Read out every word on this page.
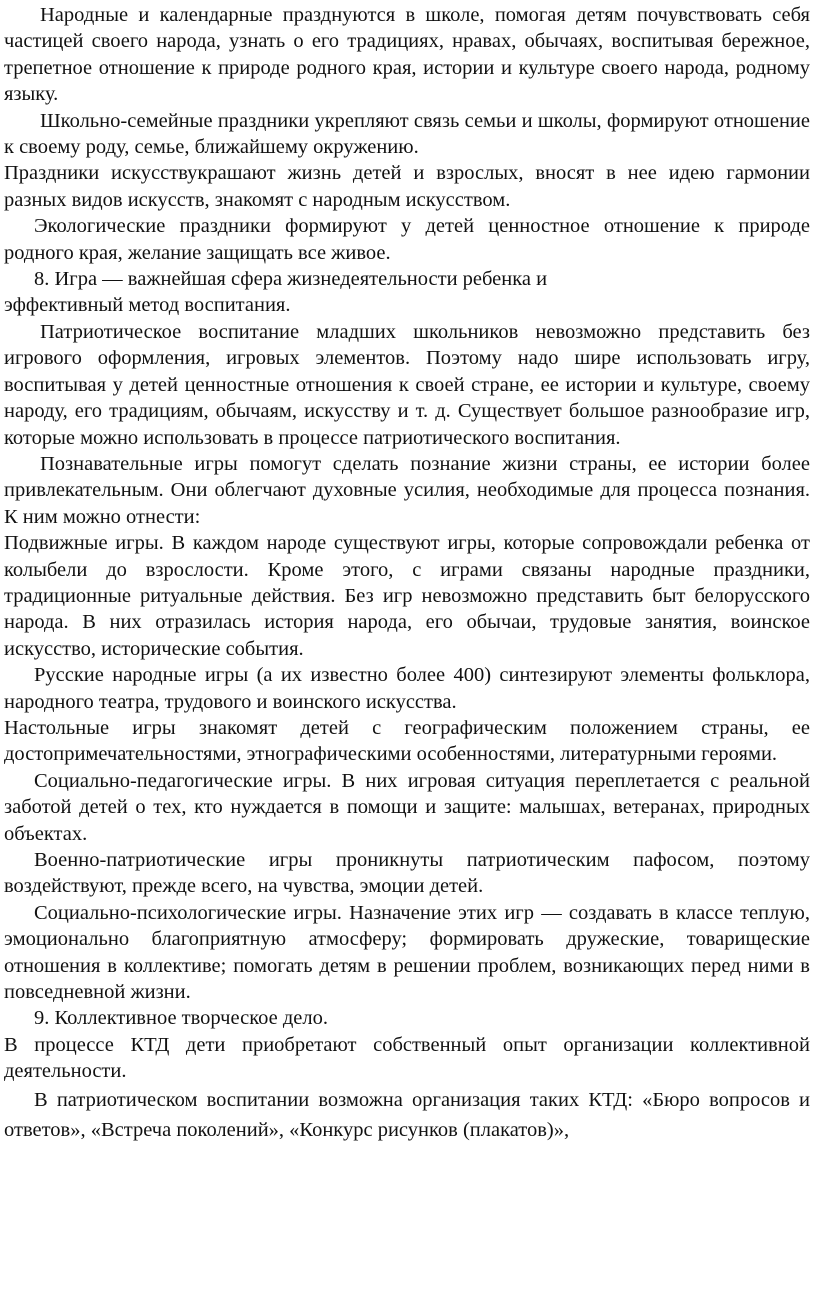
Народные и календарные празднуются в школе, помогая детям почувствовать себя частицей своего народа, узнать о его традициях, нравах, обычаях, воспитывая бережное, трепетное отношение к природе родного края, истории и культуре своего народа, родному языку.

Школьно-семейные праздники укрепляют связь семьи и школы, формируют отношение к своему роду, семье, ближайшему окружению.

Праздники искусствукрашают жизнь детей и взрослых, вносят в нее идею гармонии разных видов искусств, знакомят с народным искусством.

Экологические праздники формируют у детей ценностное отношение к природе родного края, желание защищать все живое.

8. Игра — важнейшая сфера жизнедеятельности ребенка и

эффективный метод воспитания.

Патриотическое воспитание младших школьников невозможно представить без игрового оформления, игровых элементов. Поэтому надо шире использовать игру, воспитывая у детей ценностные отношения к своей стране, ее истории и культуре, своему народу, его традициям, обычаям, искусству и т. д. Существует большое разнообразие игр, которые можно использовать в процессе патриотического воспитания.

Познавательные игры помогут сделать познание жизни страны, ее истории более привлекательным. Они облегчают духовные усилия, необходимые для процесса познания. К ним можно отнести:

Подвижные игры. В каждом народе существуют игры, которые сопровождали ребенка от колыбели до взрослости. Кроме этого, с играми связаны народные праздники, традиционные ритуальные действия. Без игр невозможно представить быт белорусского народа. В них отразилась история народа, его обычаи, трудовые занятия, воинское искусство, исторические события.

Русские народные игры (а их известно более 400) синтезируют элементы фольклора, народного театра, трудового и воинского искусства.

Настольные игры знакомят детей с географическим положением страны, ее достопримечательностями, этнографическими особенностями, литературными героями.

Социально-педагогические игры. В них игровая ситуация переплетается с реальной заботой детей о тех, кто нуждается в помощи и защите: малышах, ветеранах, природных объектах.

Военно-патриотические игры проникнуты патриотическим пафосом, поэтому воздействуют, прежде всего, на чувства, эмоции детей.

Социально-психологические игры. Назначение этих игр — создавать в классе теплую, эмоционально благоприятную атмосферу; формировать дружеские, товарищеские отношения в коллективе; помогать детям в решении проблем, возникающих перед ними в повседневной жизни.

9. Коллективное творческое дело.

В процессе КТД дети приобретают собственный опыт организации коллективной деятельности.

В патриотическом воспитании возможна организация таких КТД: «Бюро вопросов и ответов», «Встреча поколений», «Конкурс рисунков (плакатов)»,
